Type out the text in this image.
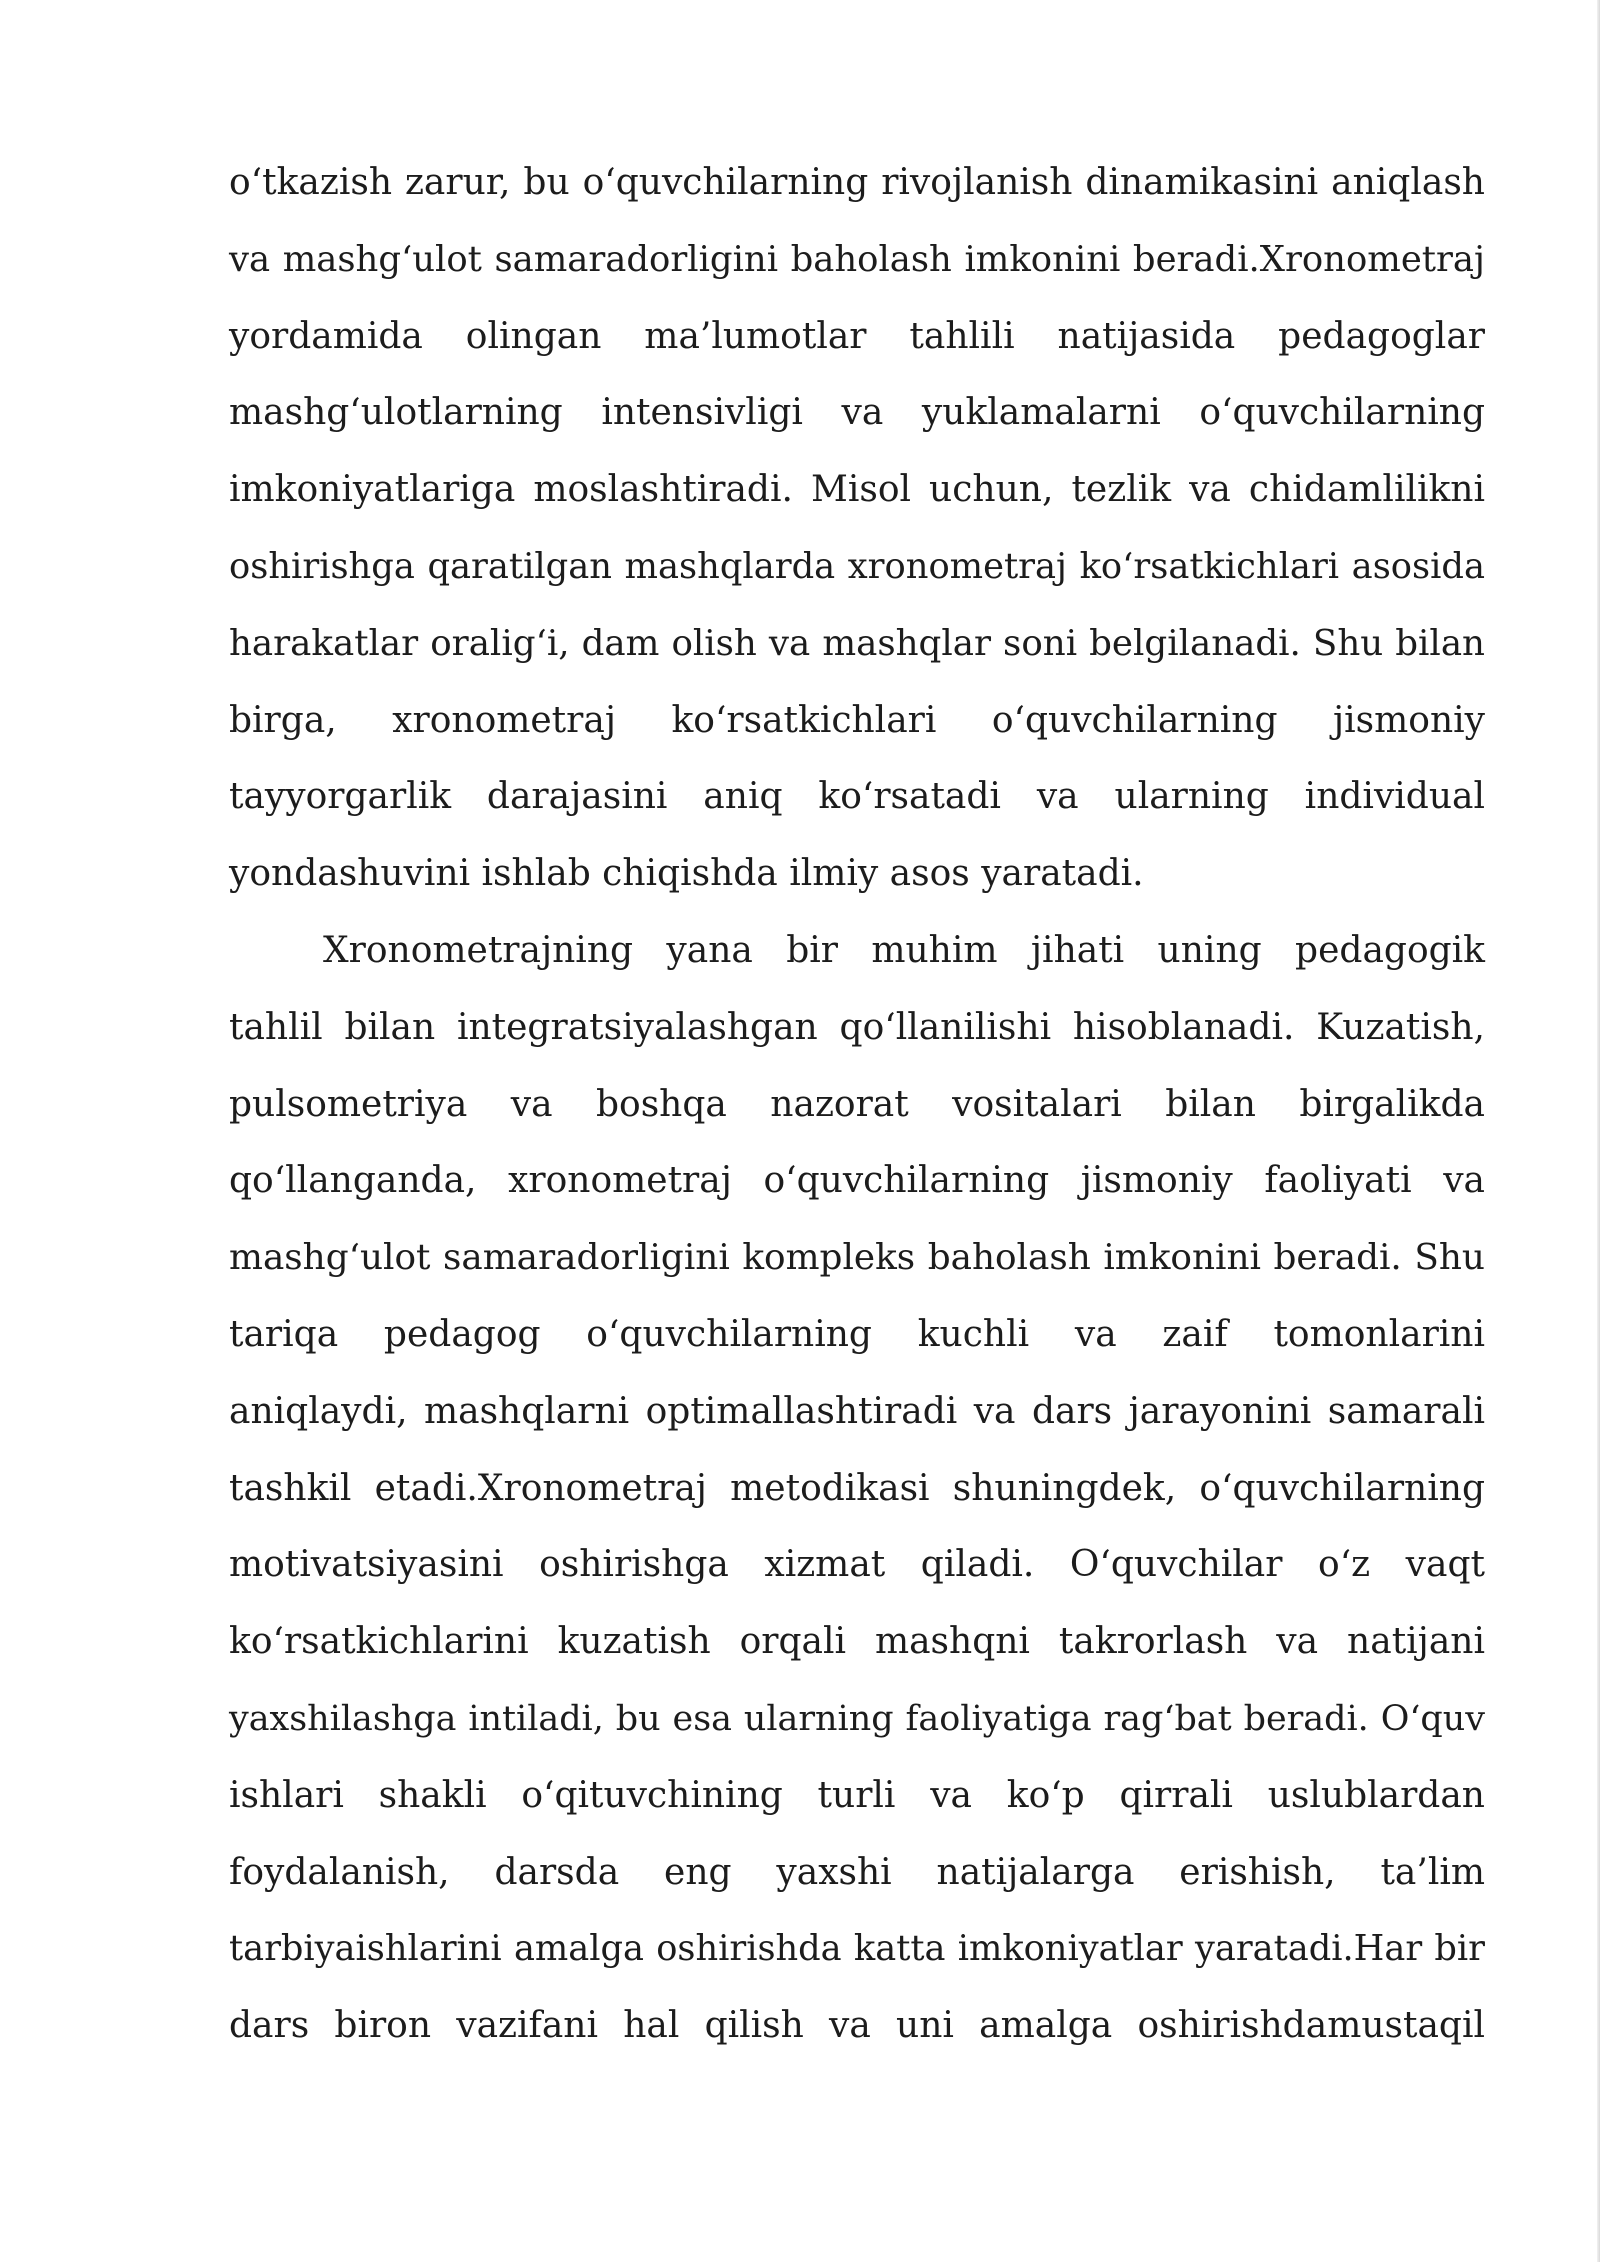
o‘tkazish zarur, bu o‘quvchilarning rivojlanish dinamikasini aniqlash
va mashg‘ulot samaradorligini baholash imkonini beradi.Xronometraj
yordamida olingan ma’lumotlar tahlili natijasida pedagoglar
mashg‘ulotlarning intensivligi va yuklamalarni o‘quvchilarning
imkoniyatlariga moslashtiradi. Misol uchun, tezlik va chidamlilikni
oshirishga qaratilgan mashqlarda xronometraj ko‘rsatkichlari asosida
harakatlar oralig‘i, dam olish va mashqlar soni belgilanadi. Shu bilan
birga, xronometraj ko‘rsatkichlari o‘quvchilarning jismoniy
tayyorgarlik darajasini aniq ko‘rsatadi va ularning individual
yondashuvini ishlab chiqishda ilmiy asos yaratadi.
Xronometrajning yana bir muhim jihati uning pedagogik
tahlil bilan integratsiyalashgan qo‘llanilishi hisoblanadi. Kuzatish,
pulsometriya va boshqa nazorat vositalari bilan birgalikda
qo‘llanganda, xronometraj o‘quvchilarning jismoniy faoliyati va
mashg‘ulot samaradorligini kompleks baholash imkonini beradi. Shu
tariqa pedagog o‘quvchilarning kuchli va zaif tomonlarini
aniqlaydi, mashqlarni optimallashtiradi va dars jarayonini samarali
tashkil etadi.Xronometraj metodikasi shuningdek, o‘quvchilarning
motivatsiyasini oshirishga xizmat qiladi. O‘quvchilar o‘z vaqt
ko‘rsatkichlarini kuzatish orqali mashqni takrorlash va natijani
yaxshilashga intiladi, bu esa ularning faoliyatiga rag‘bat beradi. O‘quv
ishlari shakli o‘qituvchining turli va ko‘p qirrali uslublardan
foydalanish, darsda eng yaxshi natijalarga erishish, ta’lim
tarbiyaishlarini amalga oshirishda katta imkoniyatlar yaratadi.Har bir
dars biron vazifani hal qilish va uni amalga oshirishdamustaqil
